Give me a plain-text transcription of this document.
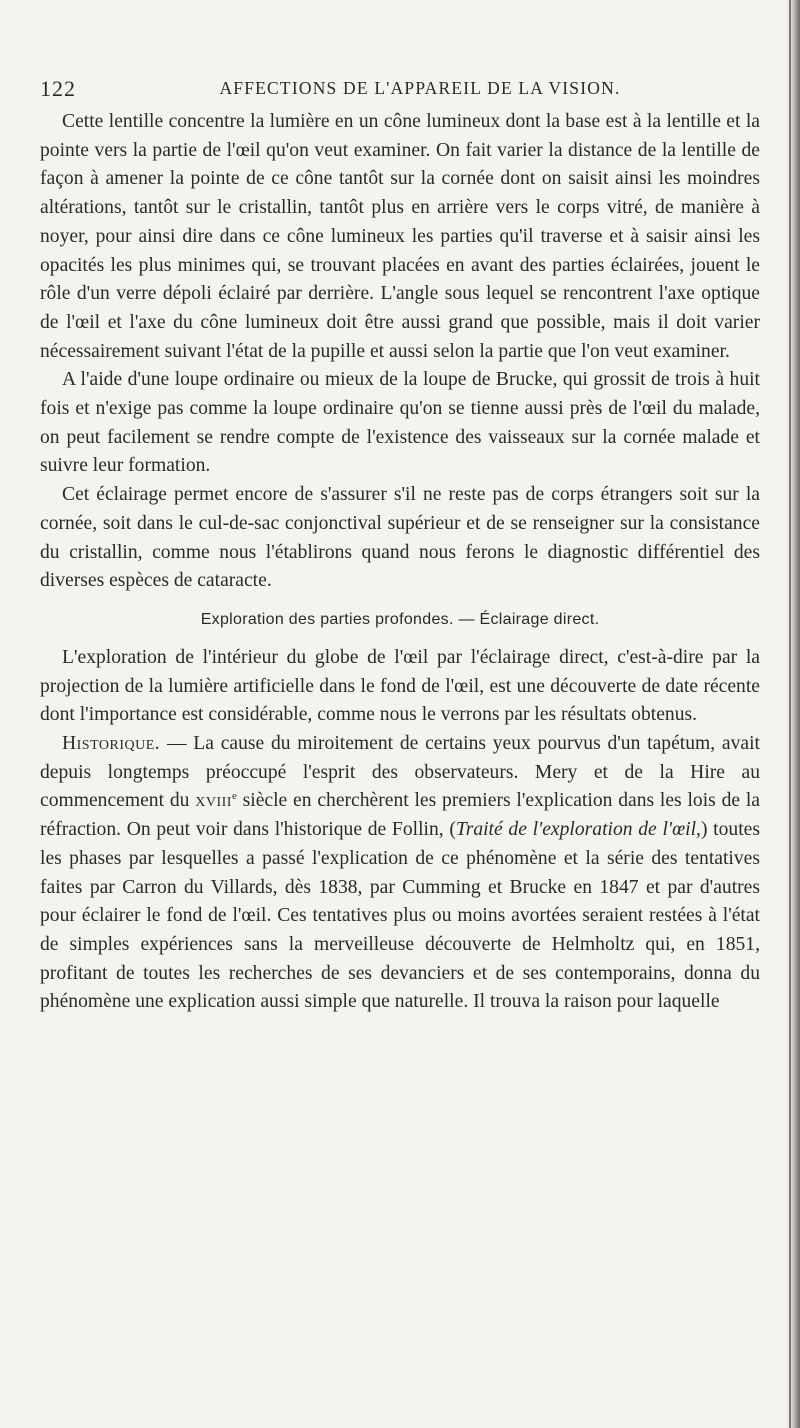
122	AFFECTIONS DE L'APPAREIL DE LA VISION.

Cette lentille concentre la lumière en un cône lumineux dont la base est à la lentille et la pointe vers la partie de l'œil qu'on veut examiner. On fait varier la distance de la lentille de façon à amener la pointe de ce cône tantôt sur la cornée dont on saisit ainsi les moindres altérations, tantôt sur le cristallin, tantôt plus en arrière vers le corps vitré, de manière à noyer, pour ainsi dire dans ce cône lumineux les parties qu'il traverse et à saisir ainsi les opacités les plus minimes qui, se trouvant placées en avant des parties éclairées, jouent le rôle d'un verre dépoli éclairé par derrière. L'angle sous lequel se rencontrent l'axe optique de l'œil et l'axe du cône lumineux doit être aussi grand que possible, mais il doit varier nécessairement suivant l'état de la pupille et aussi selon la partie que l'on veut examiner.

A l'aide d'une loupe ordinaire ou mieux de la loupe de Brucke, qui grossit de trois à huit fois et n'exige pas comme la loupe ordinaire qu'on se tienne aussi près de l'œil du malade, on peut facilement se rendre compte de l'existence des vaisseaux sur la cornée malade et suivre leur formation.

Cet éclairage permet encore de s'assurer s'il ne reste pas de corps étrangers soit sur la cornée, soit dans le cul-de-sac conjonctival supérieur et de se renseigner sur la consistance du cristallin, comme nous l'établirons quand nous ferons le diagnostic différentiel des diverses espèces de cataracte.

Exploration des parties profondes. — Éclairage direct.

L'exploration de l'intérieur du globe de l'œil par l'éclairage direct, c'est-à-dire par la projection de la lumière artificielle dans le fond de l'œil, est une découverte de date récente dont l'importance est considérable, comme nous le verrons par les résultats obtenus.

Historique. — La cause du miroitement de certains yeux pourvus d'un tapétum, avait depuis longtemps préoccupé l'esprit des observateurs. Mery et de la Hire au commencement du xviii$^e$ siècle en cherchèrent les premiers l'explication dans les lois de la réfraction. On peut voir dans l'historique de Follin, (Traité de l'exploration de l'œil,) toutes les phases par lesquelles a passé l'explication de ce phénomène et la série des tentatives faites par Carron du Villards, dès 1838, par Cumming et Brucke en 1847 et par d'autres pour éclairer le fond de l'œil. Ces tentatives plus ou moins avortées seraient restées à l'état de simples expériences sans la merveilleuse découverte de Helmholtz qui, en 1851, profitant de toutes les recherches de ses devanciers et de ses contemporains, donna du phénomène une explication aussi simple que naturelle. Il trouva la raison pour laquelle
